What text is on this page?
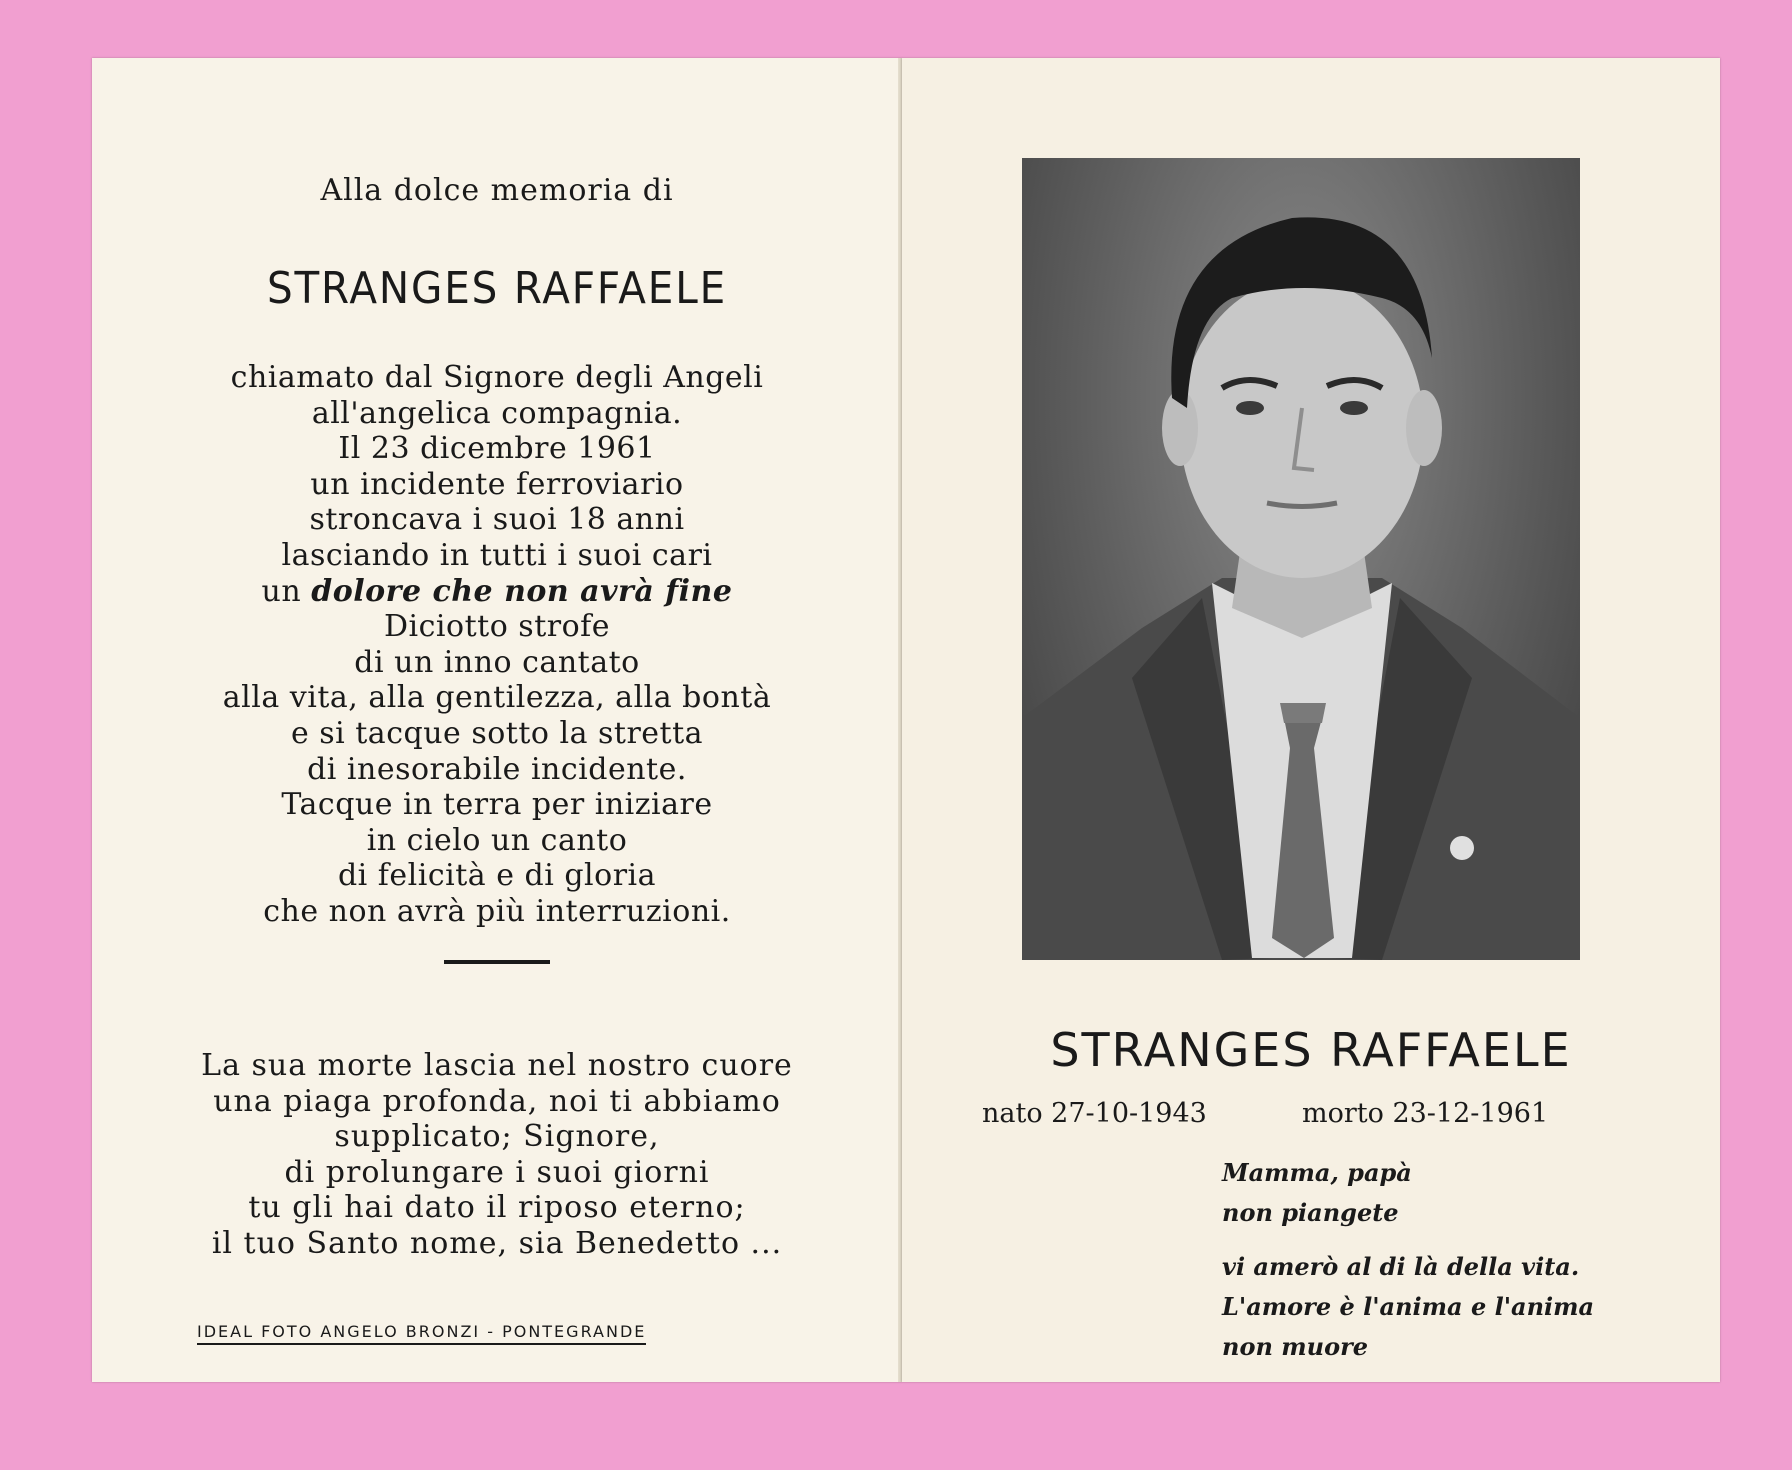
Alla dolce memoria di
STRANGES RAFFAELE
chiamato dal Signore degli Angeli
all'angelica compagnia.
Il 23 dicembre 1961
un incidente ferroviario
stroncava i suoi 18 anni
lasciando in tutti i suoi cari
un dolore che non avrà fine
Diciotto strofe
di un inno cantato
alla vita, alla gentilezza, alla bontà
e si tacque sotto la stretta
di inesorabile incidente.
Tacque in terra per iniziare
in cielo un canto
di felicità e di gloria
che non avrà più interruzioni.
La sua morte lascia nel nostro cuore
una piaga profonda, noi ti abbiamo
supplicato; Signore,
di prolungare i suoi giorni
tu gli hai dato il riposo eterno;
il tuo Santo nome, sia Benedetto ...
IDEAL FOTO ANGELO BRONZI - PONTEGRANDE
STRANGES RAFFAELE
nato 27-10-1943	morto 23-12-1961
Mamma, papà
non piangete
vi amerò al di là della vita.
L'amore è l'anima e l'anima
non muore
